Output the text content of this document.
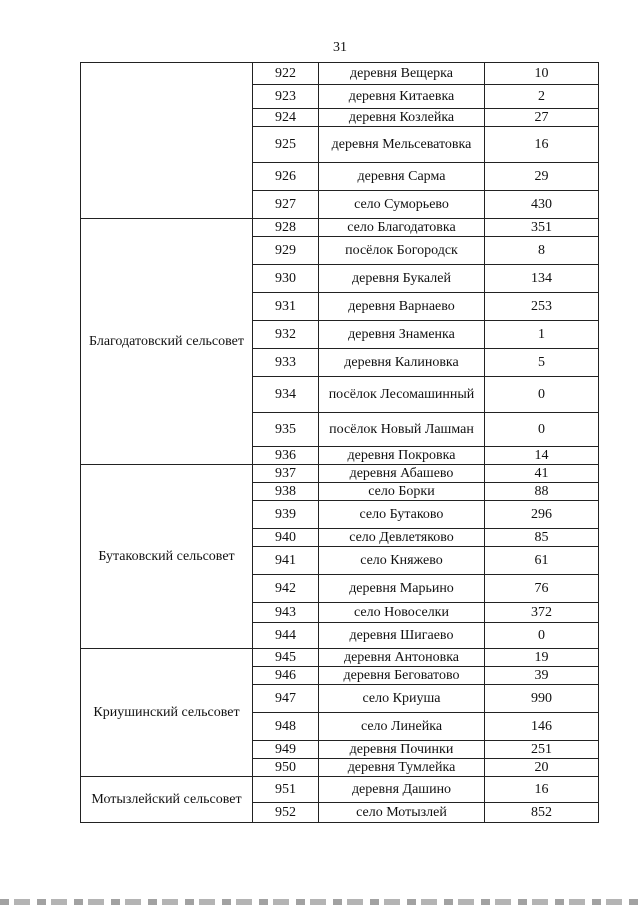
31
	922	деревня Вещерка	10
	923	деревня Китаевка	2
	924	деревня Козлейка	27
	925	деревня Мельсеватовка	16
	926	деревня Сарма	29
	927	село Суморьево	430
Благодатовский сельсовет	928	село Благодатовка	351
	929	посёлок Богородск	8
	930	деревня Букалей	134
	931	деревня Варнаево	253
	932	деревня Знаменка	1
	933	деревня Калиновка	5
	934	посёлок Лесомашинный	0
	935	посёлок Новый Лашман	0
	936	деревня Покровка	14
Бутаковский сельсовет	937	деревня Абашево	41
	938	село Борки	88
	939	село Бутаково	296
	940	село Девлетяково	85
	941	село Княжево	61
	942	деревня Марьино	76
	943	село Новоселки	372
	944	деревня Шигаево	0
Криушинский сельсовет	945	деревня Антоновка	19
	946	деревня Беговатово	39
	947	село Криуша	990
	948	село Линейка	146
	949	деревня Починки	251
	950	деревня Тумлейка	20
Мотызлейский сельсовет	951	деревня Дашино	16
	952	село Мотызлей	852
